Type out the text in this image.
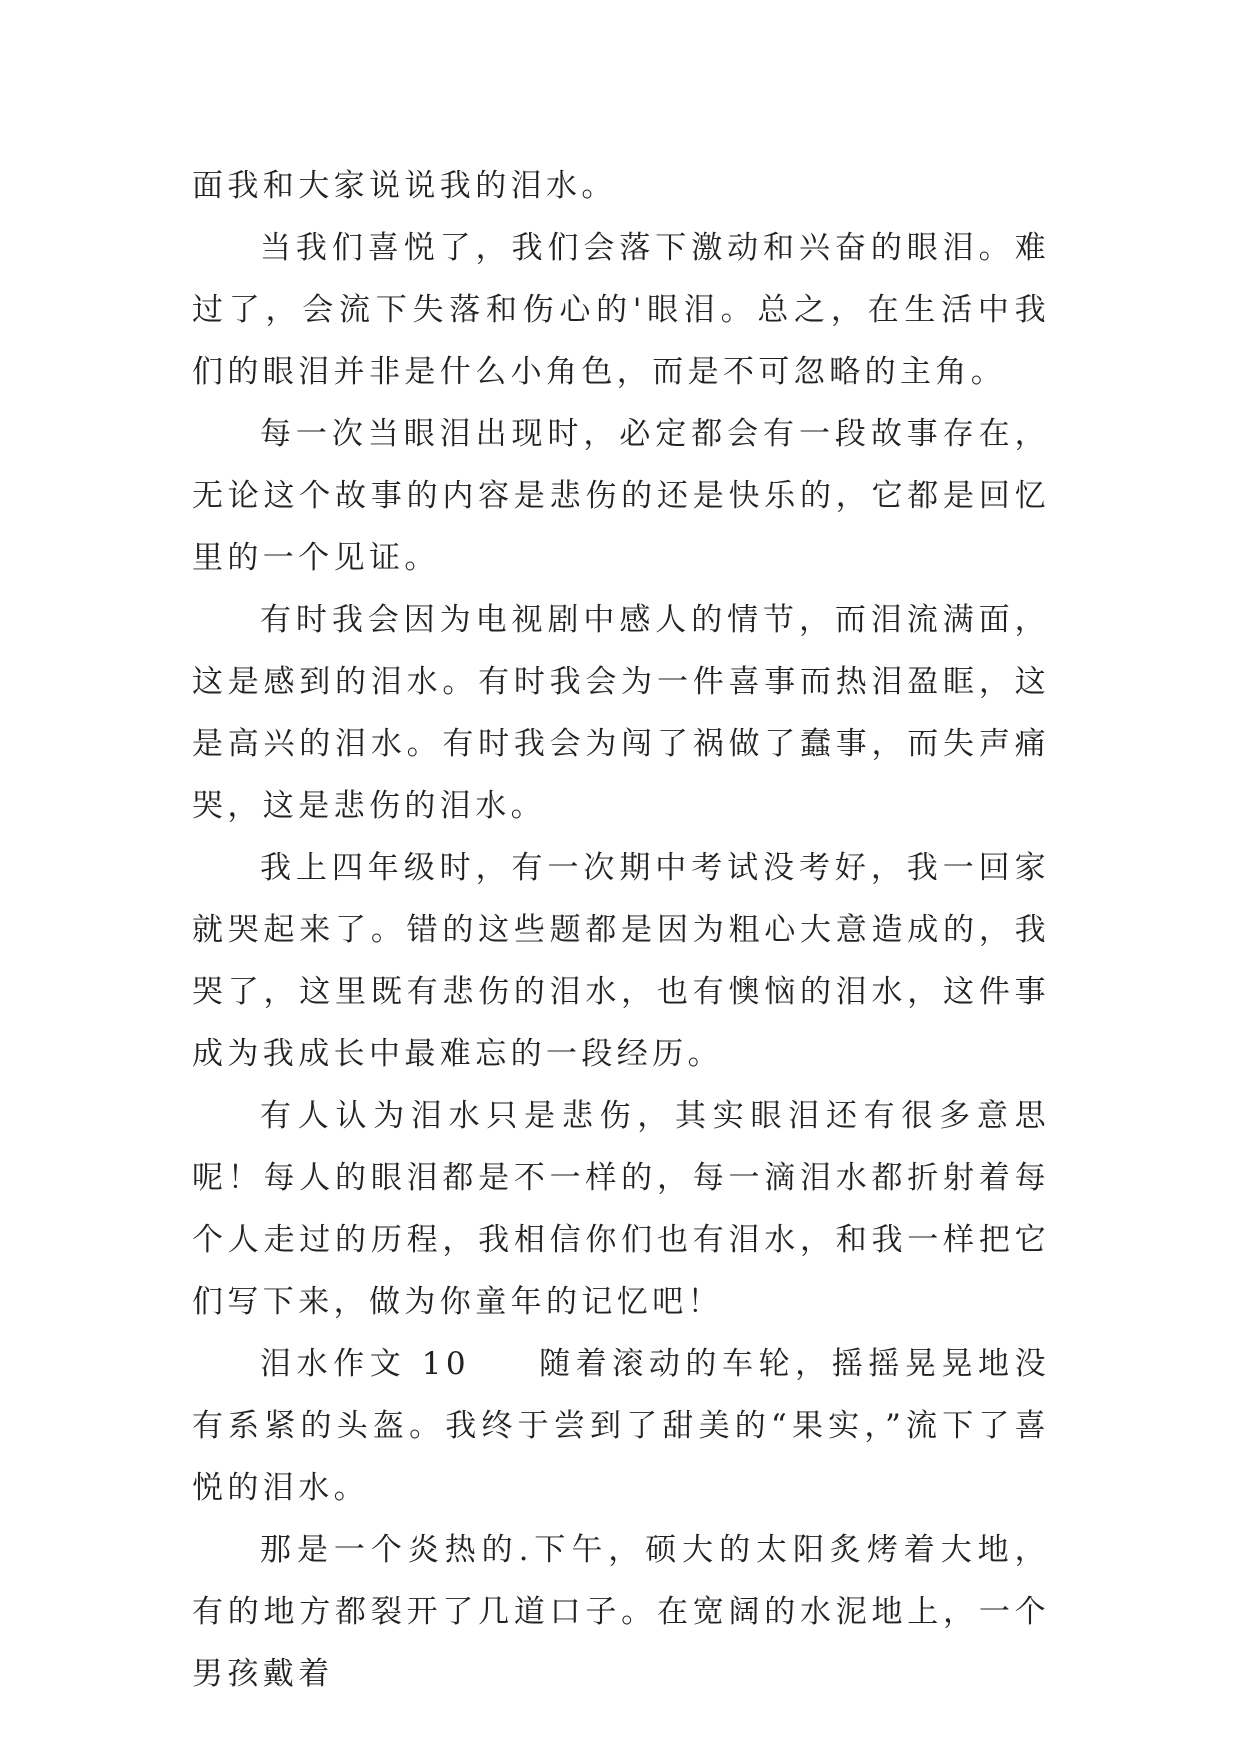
面我和大家说说我的泪水。

当我们喜悦了，我们会落下激动和兴奋的眼泪。难过了，会流下失落和伤心的'眼泪。总之，在生活中我们的眼泪并非是什么小角色，而是不可忽略的主角。

每一次当眼泪出现时，必定都会有一段故事存在，无论这个故事的内容是悲伤的还是快乐的，它都是回忆里的一个见证。

有时我会因为电视剧中感人的情节，而泪流满面，这是感到的泪水。有时我会为一件喜事而热泪盈眶，这是高兴的泪水。有时我会为闯了祸做了蠢事，而失声痛哭，这是悲伤的泪水。

我上四年级时，有一次期中考试没考好，我一回家就哭起来了。错的这些题都是因为粗心大意造成的，我哭了，这里既有悲伤的泪水，也有懊恼的泪水，这件事成为我成长中最难忘的一段经历。

有人认为泪水只是悲伤，其实眼泪还有很多意思呢！每人的眼泪都是不一样的，每一滴泪水都折射着每个人走过的历程，我相信你们也有泪水，和我一样把它们写下来，做为你童年的记忆吧！

泪水作文 10 随着滚动的车轮，摇摇晃晃地没有系紧的头盔。我终于尝到了甜美的“果实，”流下了喜悦的泪水。

那是一个炎热的.下午，硕大的太阳炙烤着大地，有的地方都裂开了几道口子。在宽阔的水泥地上，一个男孩戴着
